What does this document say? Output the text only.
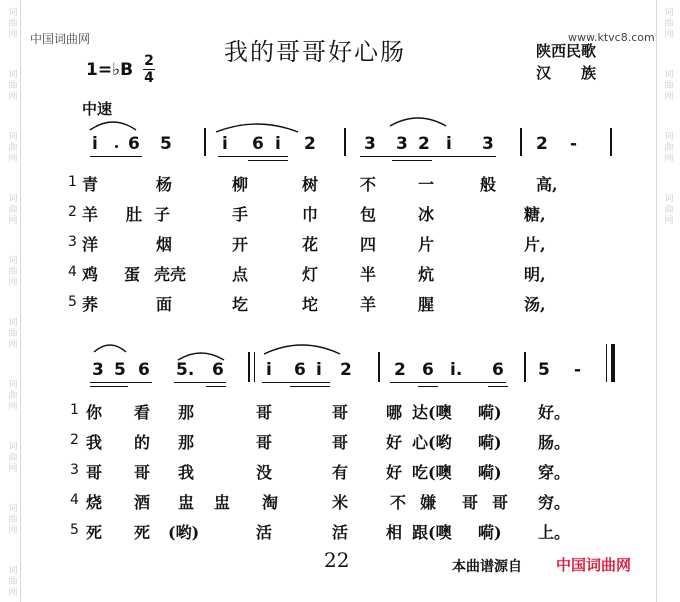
词
曲
网
词
曲
网
词
曲
网
词
曲
网
词
曲
网
词
曲
网
词
曲
网
词
曲
网
词
曲
网
词
曲
网
词
曲
网
词
曲
网
词
曲
网
词
曲
网
中国词曲网	www.ktvc8.com
我的哥哥好心肠
1=♭B 2
4
陕西民歌
汉　　族
中速
i 6 5	i 6 i 2	3 3 2 i 3 2 -
1 青	杨	柳	树	不	一	般 高,
2 羊 肚 子	手	巾	包	冰	糖,
3 洋	烟	开	花	四	片	片,
4 鸡 蛋 壳壳	点	灯	半	炕	明,
5 荞	面	圪	坨	羊	腥	汤,
3 5 6 5. 6 i 6 i 2 2 6 i. 6 5 -
1 你 看 那	哥	哥 哪 达(噢 嗬) 好。
2 我 的 那	哥	哥 好 心(哟 嗬) 肠。
3 哥 哥 我	没	有 好 吃(噢 嗬) 穿。
4 烧 酒 盅 盅 淘	米	不 嫌 哥 哥 穷。
5 死 死 (哟)	活	活 相 跟(噢 嗬) 上。
22	本曲谱源自 中国词曲网
